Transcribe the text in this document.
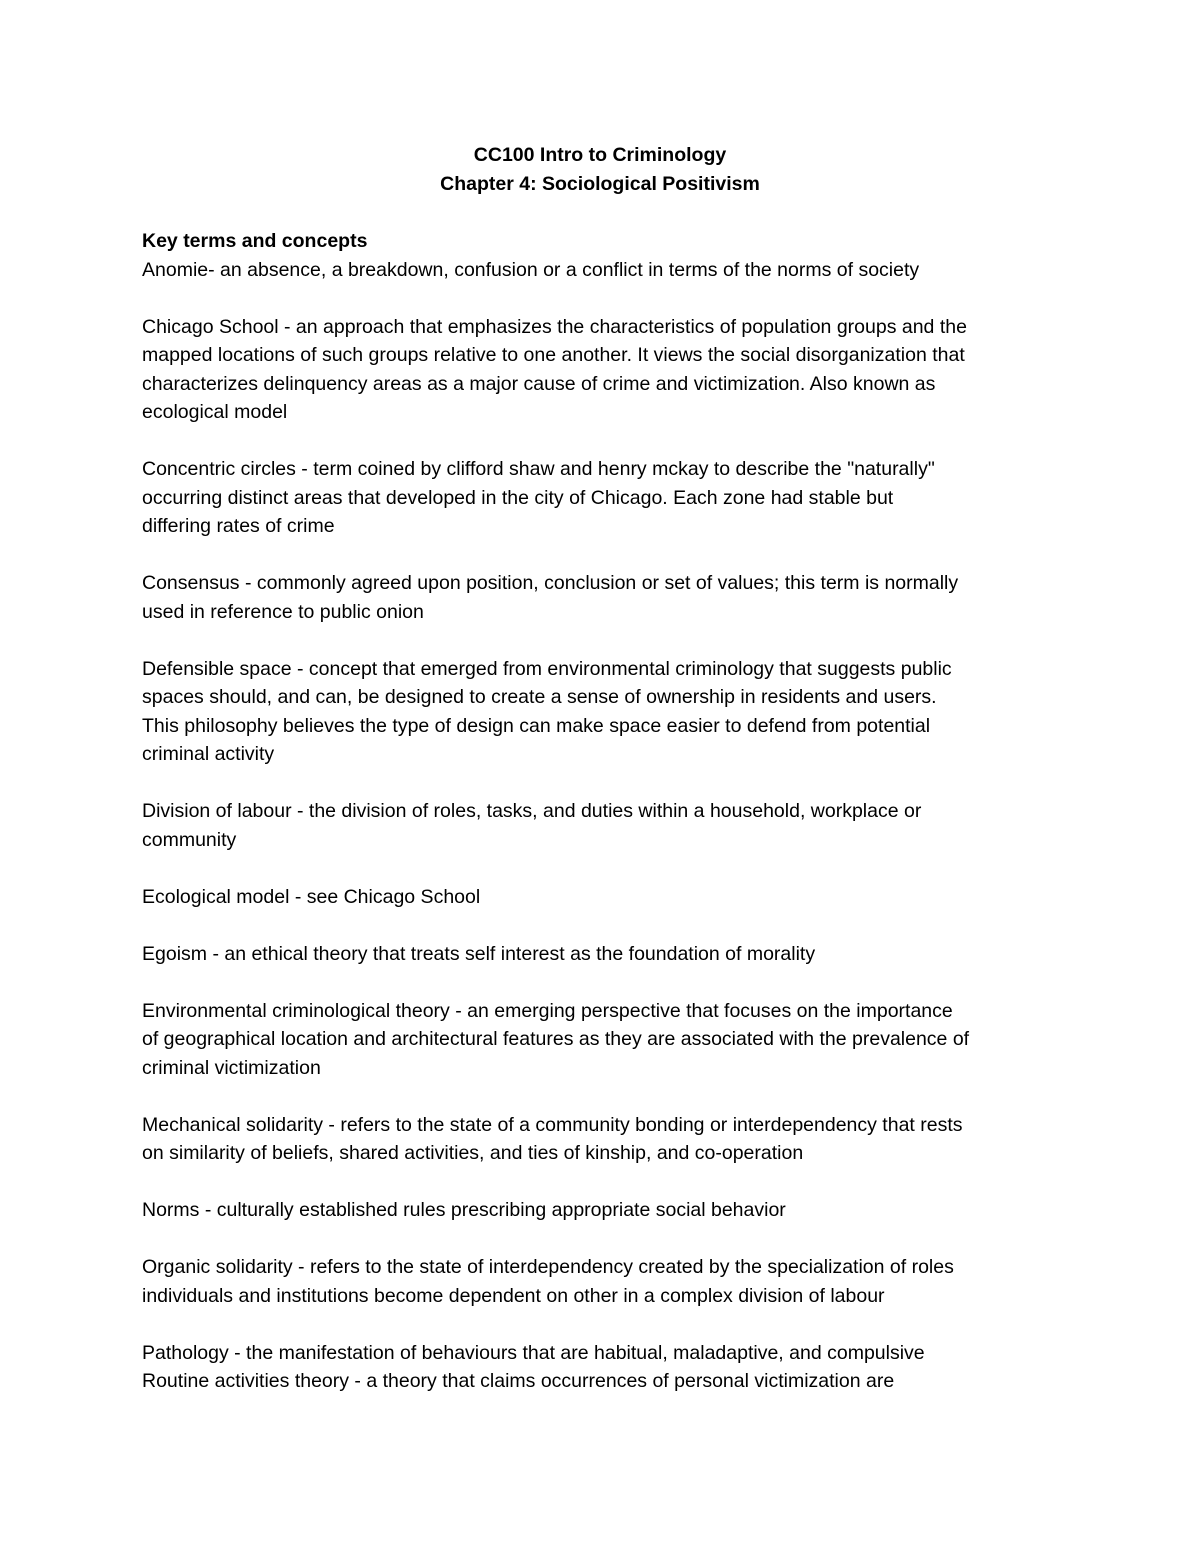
CC100 Intro to Criminology
Chapter 4: Sociological Positivism
Key terms and concepts

Anomie- an absence, a breakdown, confusion or a conflict in terms of the norms of society

Chicago School - an approach that emphasizes the characteristics of population groups and the
mapped locations of such groups relative to one another. It views the social disorganization that
characterizes delinquency areas as a major cause of crime and victimization. Also known as
ecological model

Concentric circles - term coined by clifford shaw and henry mckay to describe the "naturally"
occurring distinct areas that developed in the city of Chicago. Each zone had stable but
differing rates of crime

Consensus - commonly agreed upon position, conclusion or set of values; this term is normally
used in reference to public onion

Defensible space - concept that emerged from environmental criminology that suggests public
spaces should, and can, be designed to create a sense of ownership in residents and users.
This philosophy believes the type of design can make space easier to defend from potential
criminal activity

Division of labour - the division of roles, tasks, and duties within a household, workplace or
community

Ecological model - see Chicago School

Egoism - an ethical theory that treats self interest as the foundation of morality

Environmental criminological theory - an emerging perspective that focuses on the importance
of geographical location and architectural features as they are associated with the prevalence of
criminal victimization

Mechanical solidarity - refers to the state of a community bonding or interdependency that rests
on similarity of beliefs, shared activities, and ties of kinship, and co-operation

Norms - culturally established rules prescribing appropriate social behavior

Organic solidarity - refers to the state of interdependency created by the specialization of roles
individuals and institutions become dependent on other in a complex division of labour

Pathology - the manifestation of behaviours that are habitual, maladaptive, and compulsive

Routine activities theory - a theory that claims occurrences of personal victimization are
